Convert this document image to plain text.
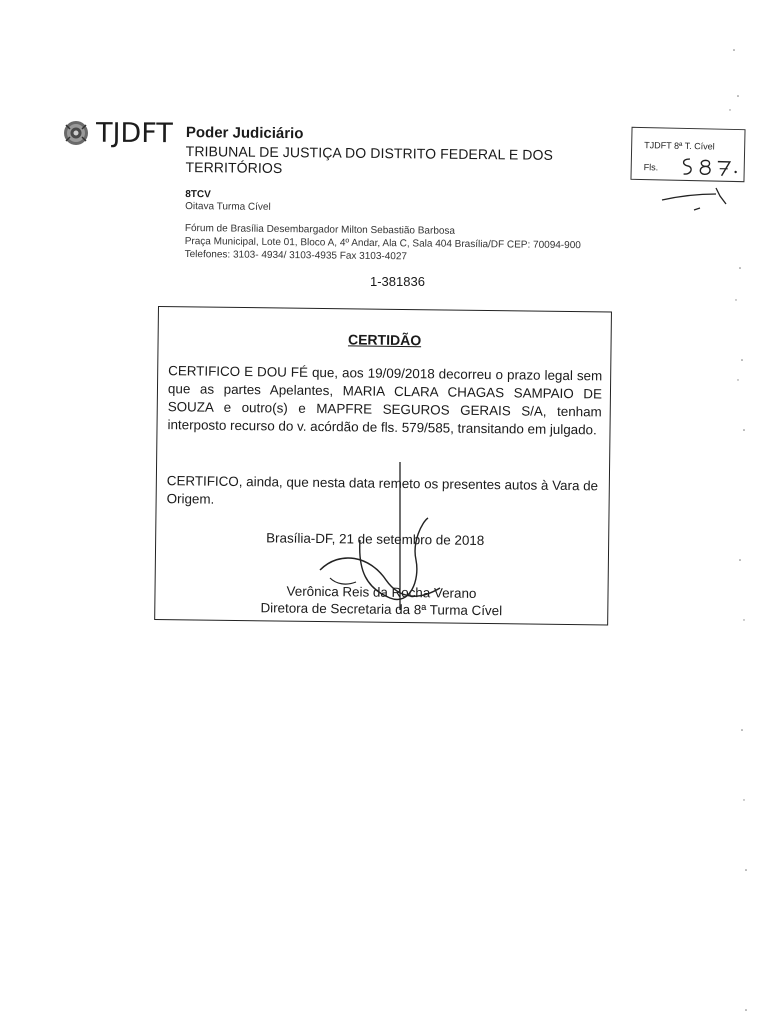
TJDFT Poder Judiciário
TRIBUNAL DE JUSTIÇA DO DISTRITO FEDERAL E DOS TERRITÓRIOS
8TCV
Oitava Turma Cível
Fórum de Brasília Desembargador Milton Sebastião Barbosa
Praça Municipal, Lote 01, Bloco A, 4º Andar, Ala C, Sala 404 Brasília/DF CEP: 70094-900
Telefones: 3103- 4934/ 3103-4935 Fax 3103-4027
TJDFT 8ª T. Cível
Fls.
1-381836
CERTIDÃO
CERTIFICO E DOU FÉ que, aos 19/09/2018 decorreu o prazo legal sem que as partes Apelantes, MARIA CLARA CHAGAS SAMPAIO DE SOUZA e outro(s) e MAPFRE SEGUROS GERAIS S/A, tenham interposto recurso do v. acórdão de fls. 579/585, transitando em julgado.
CERTIFICO, ainda, que nesta data remeto os presentes autos à Vara de Origem.
Brasília-DF, 21 de setembro de 2018
Verônica Reis da Rocha Verano
Diretora de Secretaria da 8ª Turma Cível
